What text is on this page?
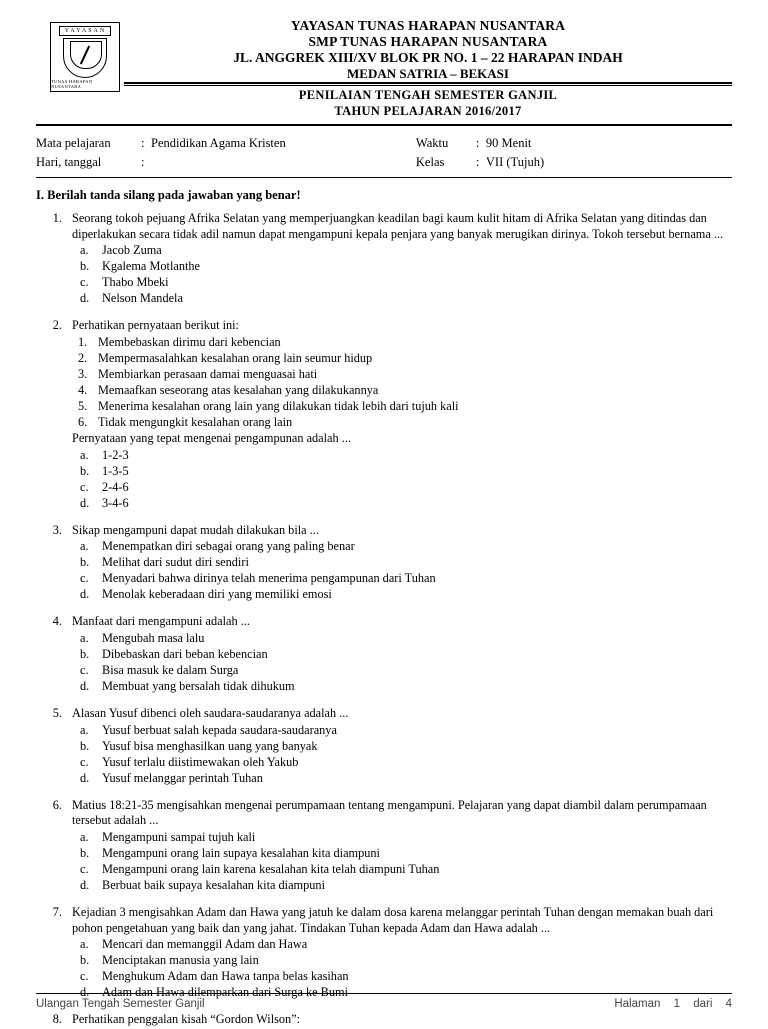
YAYASAN
TUNAS HARAPAN NUSANTARA
YAYASAN TUNAS HARAPAN NUSANTARA
SMP TUNAS HARAPAN NUSANTARA
JL. ANGGREK XIII/XV BLOK PR NO. 1 – 22 HARAPAN INDAH
MEDAN SATRIA – BEKASI
PENILAIAN TENGAH SEMESTER GANJIL
TAHUN PELAJARAN 2016/2017
Mata pelajaran	: Pendidikan Agama Kristen	Waktu	: 90 Menit
Hari, tanggal	:	Kelas	: VII (Tujuh)
I. Berilah tanda silang pada jawaban yang benar!
1. Seorang tokoh pejuang Afrika Selatan yang memperjuangkan keadilan bagi kaum kulit hitam di Afrika Selatan yang ditindas dan diperlakukan secara tidak adil namun dapat mengampuni kepala penjara yang banyak merugikan dirinya. Tokoh tersebut bernama ...

a.	Jacob Zuma
b.	Kgalema Motlanthe
c.	Thabo Mbeki
d.	Nelson Mandela
2. Perhatikan pernyataan berikut ini:

1. Membebaskan dirimu dari kebencian
2. Mempermasalahkan kesalahan orang lain seumur hidup
3. Membiarkan perasaan damai menguasai hati
4. Memaafkan seseorang atas kesalahan yang dilakukannya
5. Menerima kesalahan orang lain yang dilakukan tidak lebih dari tujuh kali
6. Tidak mengungkit kesalahan orang lain

Pernyataan yang tepat mengenai pengampunan adalah ...

a.	1-2-3
b.	1-3-5
c.	2-4-6
d.	3-4-6
3. Sikap mengampuni dapat mudah dilakukan bila ...

a.	Menempatkan diri sebagai orang yang paling benar
b.	Melihat dari sudut diri sendiri
c.	Menyadari bahwa dirinya telah menerima pengampunan dari Tuhan
d.	Menolak keberadaan diri yang memiliki emosi
4. Manfaat dari mengampuni adalah ...

a.	Mengubah masa lalu
b.	Dibebaskan dari beban kebencian
c.	Bisa masuk ke dalam Surga
d.	Membuat yang bersalah tidak dihukum
5. Alasan Yusuf dibenci oleh saudara-saudaranya adalah ...

a.	Yusuf berbuat salah kepada saudara-saudaranya
b.	Yusuf bisa menghasilkan uang yang banyak
c.	Yusuf terlalu diistimewakan oleh Yakub
d.	Yusuf melanggar perintah Tuhan
6. Matius 18:21-35 mengisahkan mengenai perumpamaan tentang mengampuni. Pelajaran yang dapat diambil dalam perumpamaan tersebut adalah ...

a.	Mengampuni sampai tujuh kali
b.	Mengampuni orang lain supaya kesalahan kita diampuni
c.	Mengampuni orang lain karena kesalahan kita telah diampuni Tuhan
d.	Berbuat baik supaya kesalahan kita diampuni
7. Kejadian 3 mengisahkan Adam dan Hawa yang jatuh ke dalam dosa karena melanggar perintah Tuhan dengan memakan buah dari pohon pengetahuan yang baik dan yang jahat. Tindakan Tuhan kepada Adam dan Hawa adalah ...

a.	Mencari dan memanggil Adam dan Hawa
b.	Menciptakan manusia yang lain
c.	Menghukum Adam dan Hawa tanpa belas kasihan
d.	Adam dan Hawa dilemparkan dari Surga ke Bumi
8. Perhatikan penggalan kisah “Gordon Wilson”:

Ulangan Tengah Semester Ganjil	Halaman 1 dari 4
